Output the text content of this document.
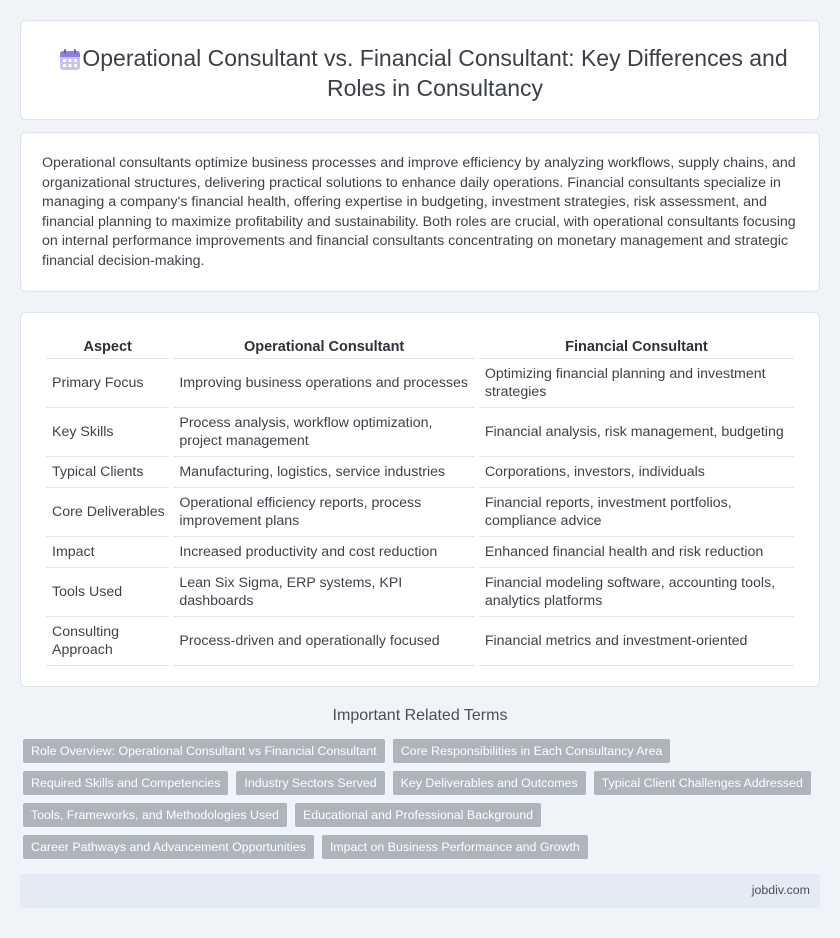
Operational Consultant vs. Financial Consultant: Key Differences and Roles in Consultancy

Operational consultants optimize business processes and improve efficiency by analyzing workflows, supply chains, and organizational structures, delivering practical solutions to enhance daily operations. Financial consultants specialize in managing a company's financial health, offering expertise in budgeting, investment strategies, risk assessment, and financial planning to maximize profitability and sustainability. Both roles are crucial, with operational consultants focusing on internal performance improvements and financial consultants concentrating on monetary management and strategic financial decision-making.

Aspect	Operational Consultant	Financial Consultant
Primary Focus	Improving business operations and processes	Optimizing financial planning and investment strategies
Key Skills	Process analysis, workflow optimization, project management	Financial analysis, risk management, budgeting
Typical Clients	Manufacturing, logistics, service industries	Corporations, investors, individuals
Core Deliverables	Operational efficiency reports, process improvement plans	Financial reports, investment portfolios, compliance advice
Impact	Increased productivity and cost reduction	Enhanced financial health and risk reduction
Tools Used	Lean Six Sigma, ERP systems, KPI dashboards	Financial modeling software, accounting tools, analytics platforms
Consulting Approach	Process-driven and operationally focused	Financial metrics and investment-oriented
Important Related Terms
Role Overview: Operational Consultant vs Financial Consultant	Core Responsibilities in Each Consultancy Area
Required Skills and Competencies	Industry Sectors Served	Key Deliverables and Outcomes	Typical Client Challenges Addressed
Tools, Frameworks, and Methodologies Used	Educational and Professional Background
Career Pathways and Advancement Opportunities	Impact on Business Performance and Growth
jobdiv.com
